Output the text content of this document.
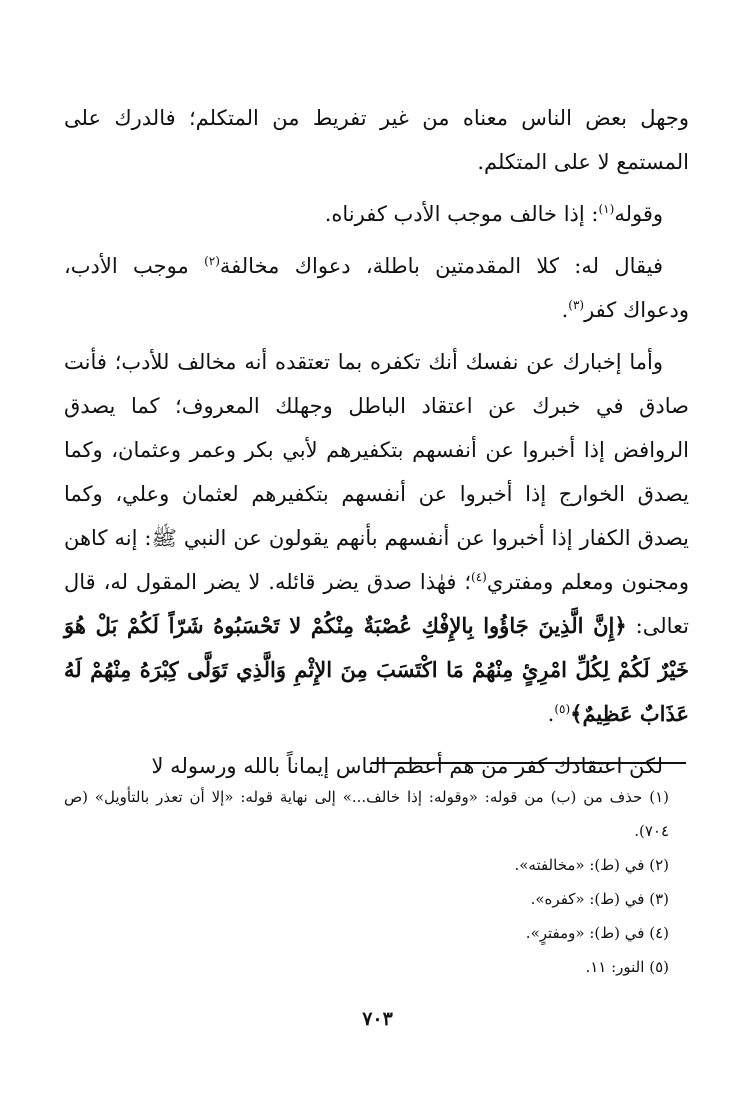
وجهل بعض الناس معناه من غير تفريط من المتكلم؛ فالدرك على المستمع لا على المتكلم.

وقوله$^{(١)}$: إذا خالف موجب الأدب كفرناه.

فيقال له: كلا المقدمتين باطلة، دعواك مخالفة$^{(٢)}$ موجب الأدب، ودعواك كفر$^{(٣)}$.

وأما إخبارك عن نفسك أنك تكفره بما تعتقده أنه مخالف للأدب؛ فأنت صادق في خبرك عن اعتقاد الباطل وجهلك المعروف؛ كما يصدق الروافض إذا أخبروا عن أنفسهم بتكفيرهم لأبي بكر وعمر وعثمان، وكما يصدق الخوارج إذا أخبروا عن أنفسهم بتكفيرهم لعثمان وعلي، وكما يصدق الكفار إذا أخبروا عن أنفسهم بأنهم يقولون عن النبي ﷺ: إنه كاهن ومجنون ومعلم ومفتري$^{(٤)}$؛ فهٰذا صدق يضر قائله. لا يضر المقول له، قال تعالى: ﴿إِنَّ الَّذِينَ جَاؤُوا بِالإِفْكِ عُصْبَةٌ مِنْكُمْ لا تَحْسَبُوهُ شَرّاً لَكُمْ بَلْ هُوَ خَيْرٌ لَكُمْ لِكُلِّ امْرِئٍ مِنْهُمْ مَا اكْتَسَبَ مِنَ الإِثْمِ وَالَّذِي تَوَلَّى كِبْرَهُ مِنْهُمْ لَهُ عَذَابٌ عَظِيمٌ﴾$^{(٥)}$.

لكن اعتقادك كفر من هم أعظم الناس إيماناً بالله ورسوله لا

(١) حذف من (ب) من قوله: «وقوله: إذا خالف...» إلى نهاية قوله: «إلا أن تعذر بالتأويل» (ص ٧٠٤).

(٢) في (ط): «مخالفته».

(٣) في (ط): «كفره».

(٤) في (ط): «ومفترٍ».

(٥) النور: ١١.

٧٠٣
